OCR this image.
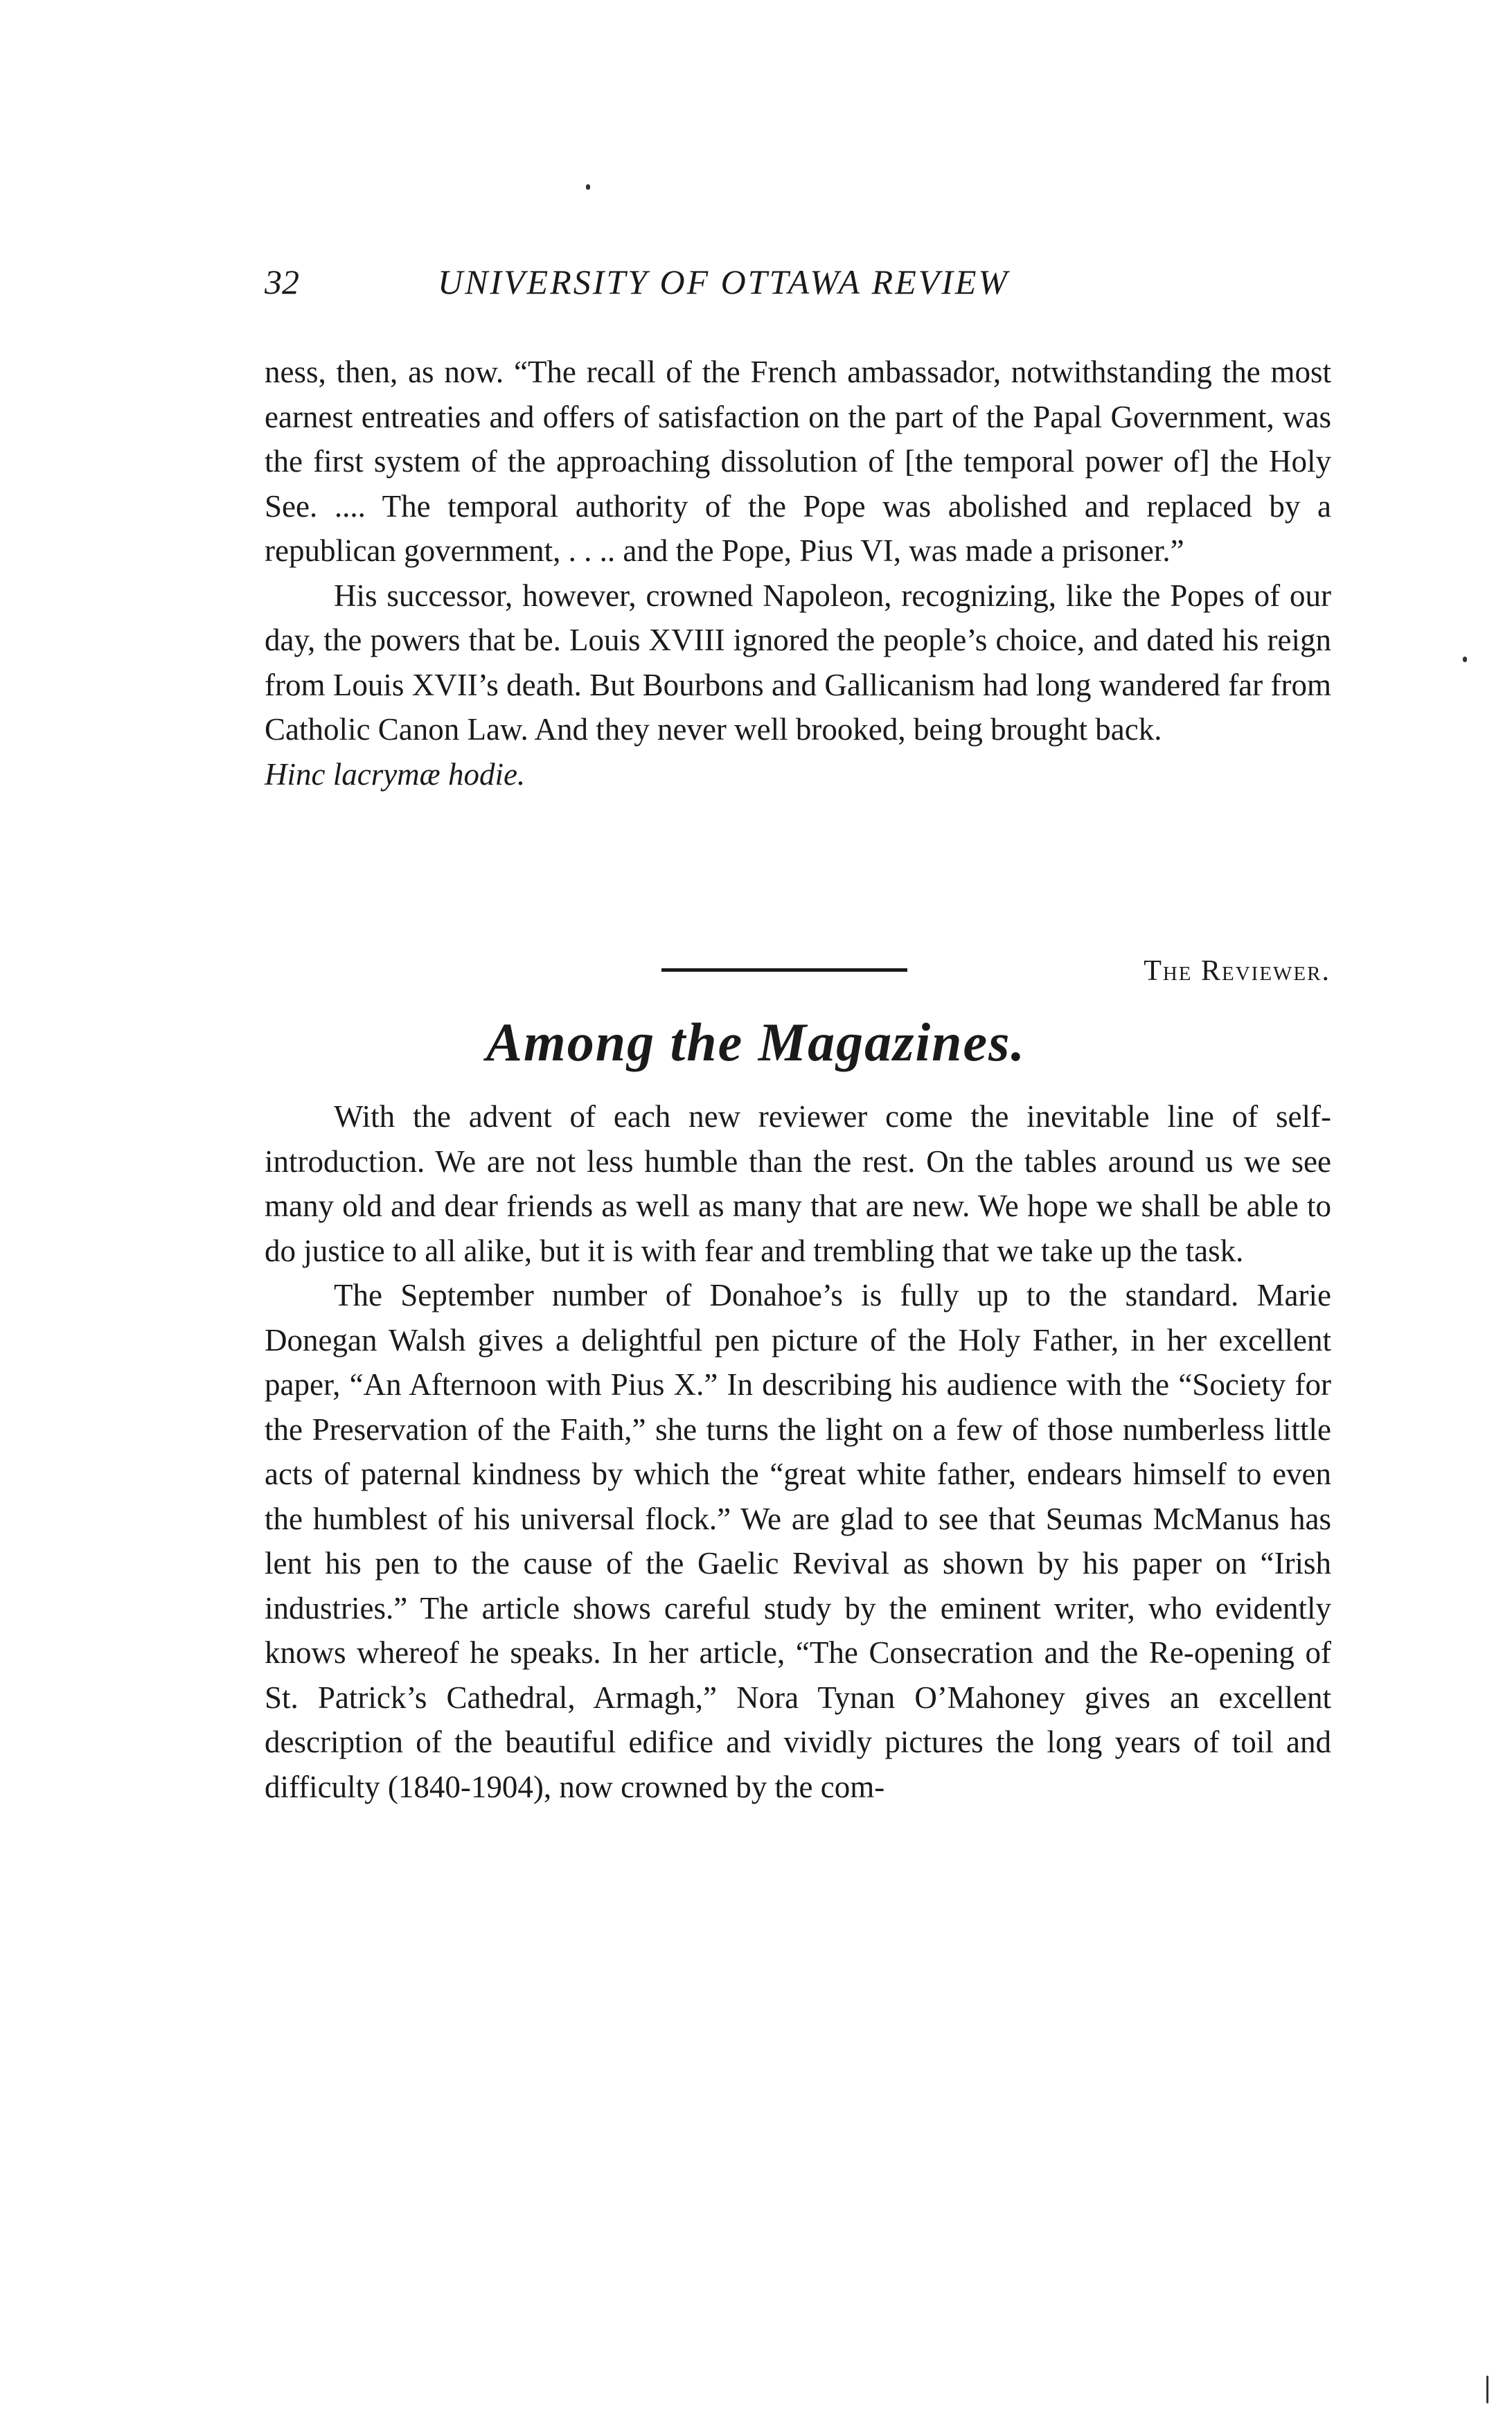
32	UNIVERSITY OF OTTAWA REVIEW

ness, then, as now. “The recall of the French ambassador, notwithstanding the most earnest entreaties and offers of satisfaction on the part of the Papal Government, was the first system of the approaching dissolution of [the temporal power of] the Holy See. .... The temporal authority of the Pope was abolished and replaced by a republican government, . . .. and the Pope, Pius VI, was made a prisoner.”

His successor, however, crowned Napoleon, recognizing, like the Popes of our day, the powers that be. Louis XVIII ignored the people’s choice, and dated his reign from Louis XVII’s death. But Bourbons and Gallicanism had long wandered far from Catholic Canon Law. And they never well brooked, being brought back.

Hinc lacrymæ hodie.

The Reviewer.
Among the Magazines.

With the advent of each new reviewer come the inevitable line of self-introduction. We are not less humble than the rest. On the tables around us we see many old and dear friends as well as many that are new. We hope we shall be able to do justice to all alike, but it is with fear and trembling that we take up the task.

The September number of Donahoe’s is fully up to the standard. Marie Donegan Walsh gives a delightful pen picture of the Holy Father, in her excellent paper, “An Afternoon with Pius X.” In describing his audience with the “Society for the Preservation of the Faith,” she turns the light on a few of those numberless little acts of paternal kindness by which the “great white father, endears himself to even the humblest of his universal flock.” We are glad to see that Seumas McManus has lent his pen to the cause of the Gaelic Revival as shown by his paper on “Irish industries.” The article shows careful study by the eminent writer, who evidently knows whereof he speaks. In her article, “The Consecration and the Re-opening of St. Patrick’s Cathedral, Armagh,” Nora Tynan O’Mahoney gives an excellent description of the beautiful edifice and vividly pictures the long years of toil and difficulty (1840-1904), now crowned by the com-
